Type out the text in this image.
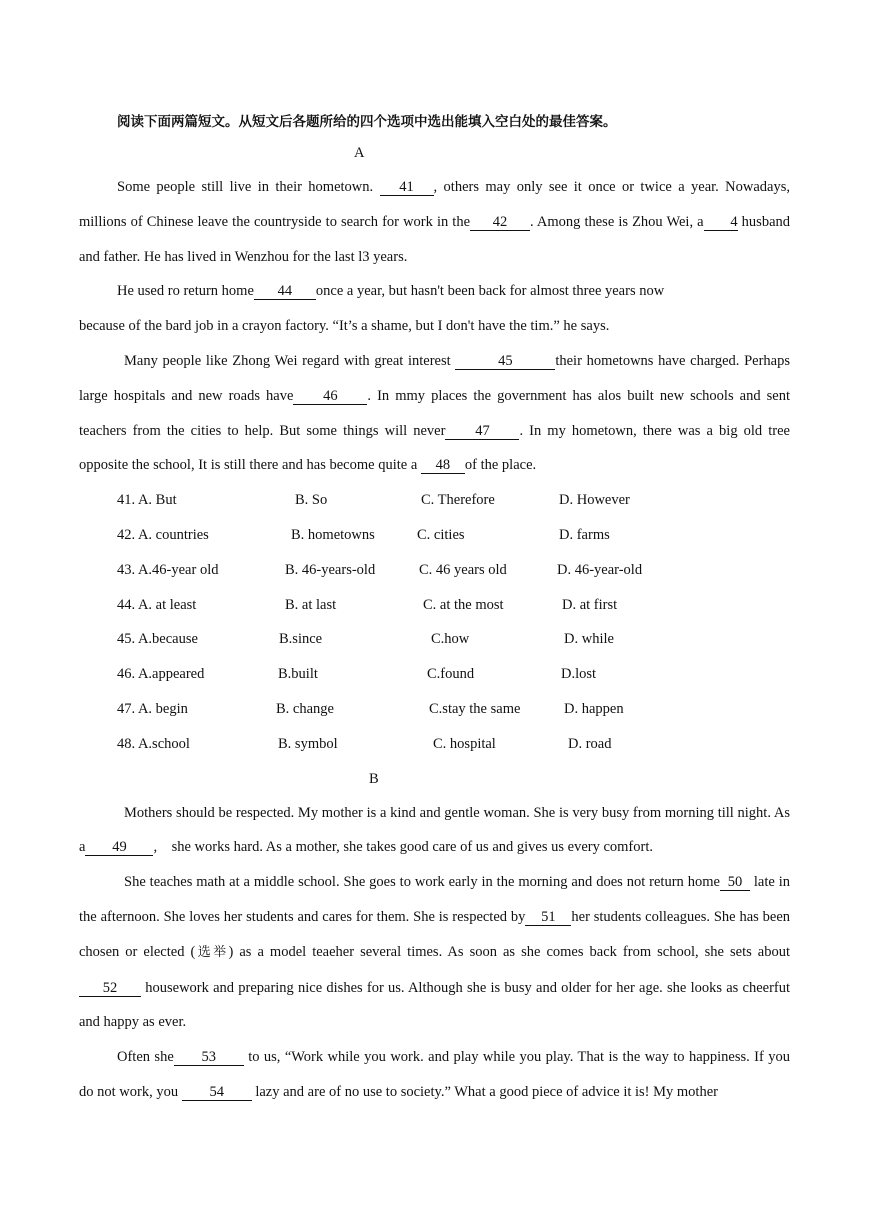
阅读下面两篇短文。从短文后各题所给的四个选项中选出能填入空白处的最佳答案。
A

Some people still live in their hometown. 41 , others may only see it once or twice a year. Nowadays, millions of Chinese leave the countryside to search for work in the 42 . Among these is Zhou Wei, a 4 husband and father. He has lived in Wenzhou for the last l3 years.

He used ro return home 44 once a year, but hasn't been back for almost three years now
because of the bard job in a crayon factory. “It’s a shame, but I don't have the tim.” he says.

Many people like Zhong Wei regard with great interest	45	their hometowns have charged. Perhaps large hospitals and new roads have 46 . In mmy places the government has alos built new schools and sent teachers from the cities to help. But some things will never 47 . In my hometown, there was a big old tree opposite the school, It is still there and has become quite a 48 of the place.

41. A. But	B. So	C. Therefore	D. However
42. A. countries	B. hometowns	C. cities	D. farms
43. A.46-year old	B. 46-years-old	C. 46 years old	D. 46-year-old
44. A. at least	B. at last	C. at the most	D. at first
45. A.because	B.since	C.how	D. while
46. A.appeared	B.built	C.found	D.lost
47. A. begin	B. change	C.stay the same	D. happen
48. A.school	B. symbol	C. hospital	D. road
B

Mothers should be respected. My mother is a kind and gentle woman. She is very busy from morning till night. As a 49 ,    she works hard. As a mother, she takes good care of us and gives us every comfort.

She teaches math at a middle school. She goes to work early in the morning and does not return home 50 late in the afternoon. She loves her students and cares for them. She is respected by 51 her students colleagues. She has been chosen or elected (选举) as a model teaeher several times. As soon as she comes back from school, she sets about 52 housework and preparing nice dishes for us. Although she is busy and older for her age. she looks as cheerfut and happy as ever.

Often she 53 to us, “Work while you work. and play while you play. That is the way to happiness. If you do not work, you 54 lazy and are of no use to society.” What a good piece of advice it is! My mother
